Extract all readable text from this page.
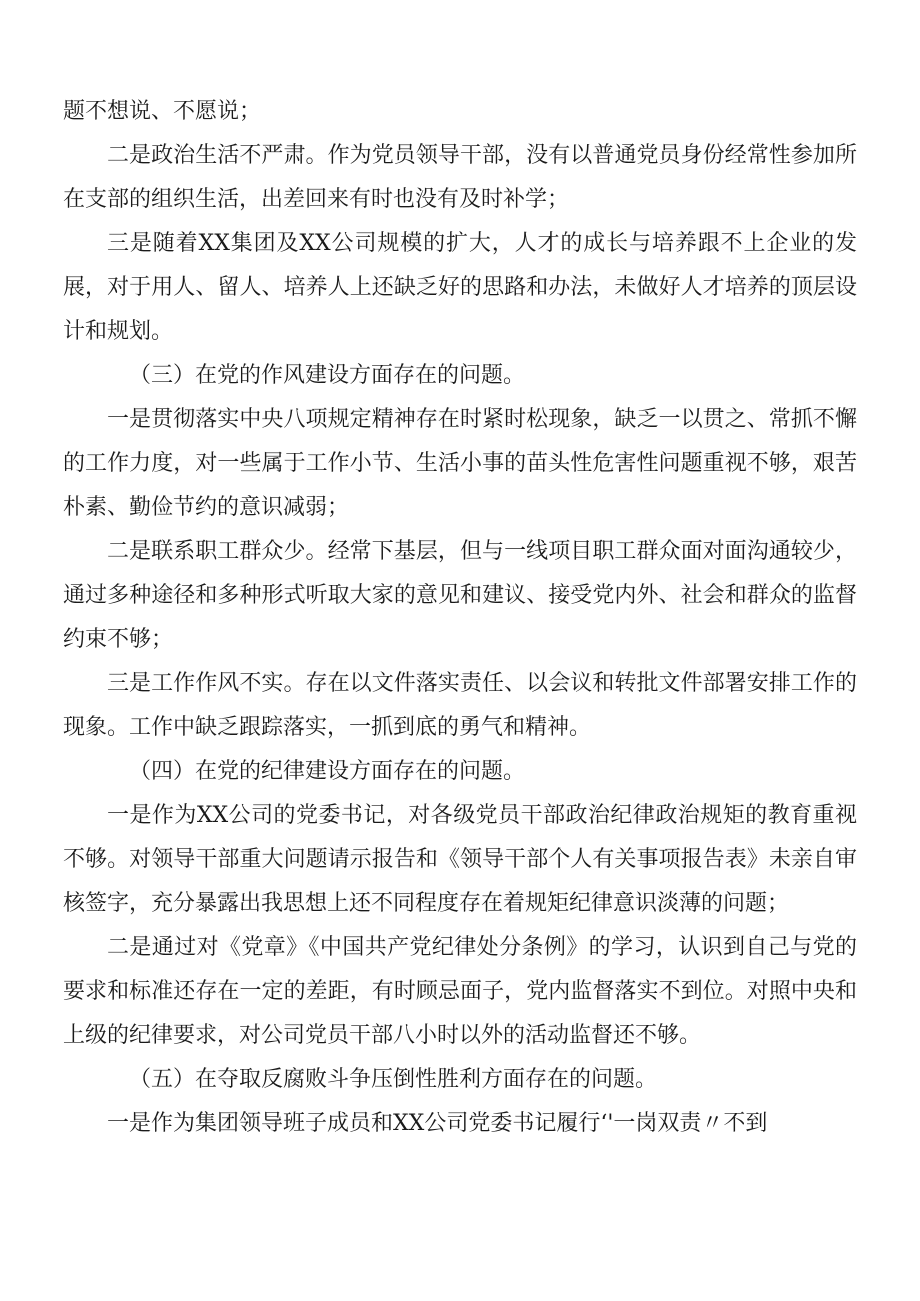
题不想说、不愿说；

二是政治生活不严肃。作为党员领导干部，没有以普通党员身份经常性参加所在支部的组织生活，出差回来有时也没有及时补学；

三是随着XX集团及XX公司规模的扩大，人才的成长与培养跟不上企业的发展，对于用人、留人、培养人上还缺乏好的思路和办法，未做好人才培养的顶层设计和规划。

（三）在党的作风建设方面存在的问题。

一是贯彻落实中央八项规定精神存在时紧时松现象，缺乏一以贯之、常抓不懈的工作力度，对一些属于工作小节、生活小事的苗头性危害性问题重视不够，艰苦朴素、勤俭节约的意识减弱；

二是联系职工群众少。经常下基层，但与一线项目职工群众面对面沟通较少，通过多种途径和多种形式听取大家的意见和建议、接受党内外、社会和群众的监督约束不够；

三是工作作风不实。存在以文件落实责任、以会议和转批文件部署安排工作的现象。工作中缺乏跟踪落实，一抓到底的勇气和精神。

（四）在党的纪律建设方面存在的问题。

一是作为XX公司的党委书记，对各级党员干部政治纪律政治规矩的教育重视不够。对领导干部重大问题请示报告和《领导干部个人有关事项报告表》未亲自审核签字，充分暴露出我思想上还不同程度存在着规矩纪律意识淡薄的问题；

二是通过对《党章》《中国共产党纪律处分条例》的学习，认识到自己与党的要求和标准还存在一定的差距，有时顾忌面子，党内监督落实不到位。对照中央和上级的纪律要求，对公司党员干部八小时以外的活动监督还不够。

（五）在夺取反腐败斗争压倒性胜利方面存在的问题。

一是作为集团领导班子成员和XX公司党委书记履行‘'一岗双责〃不到
